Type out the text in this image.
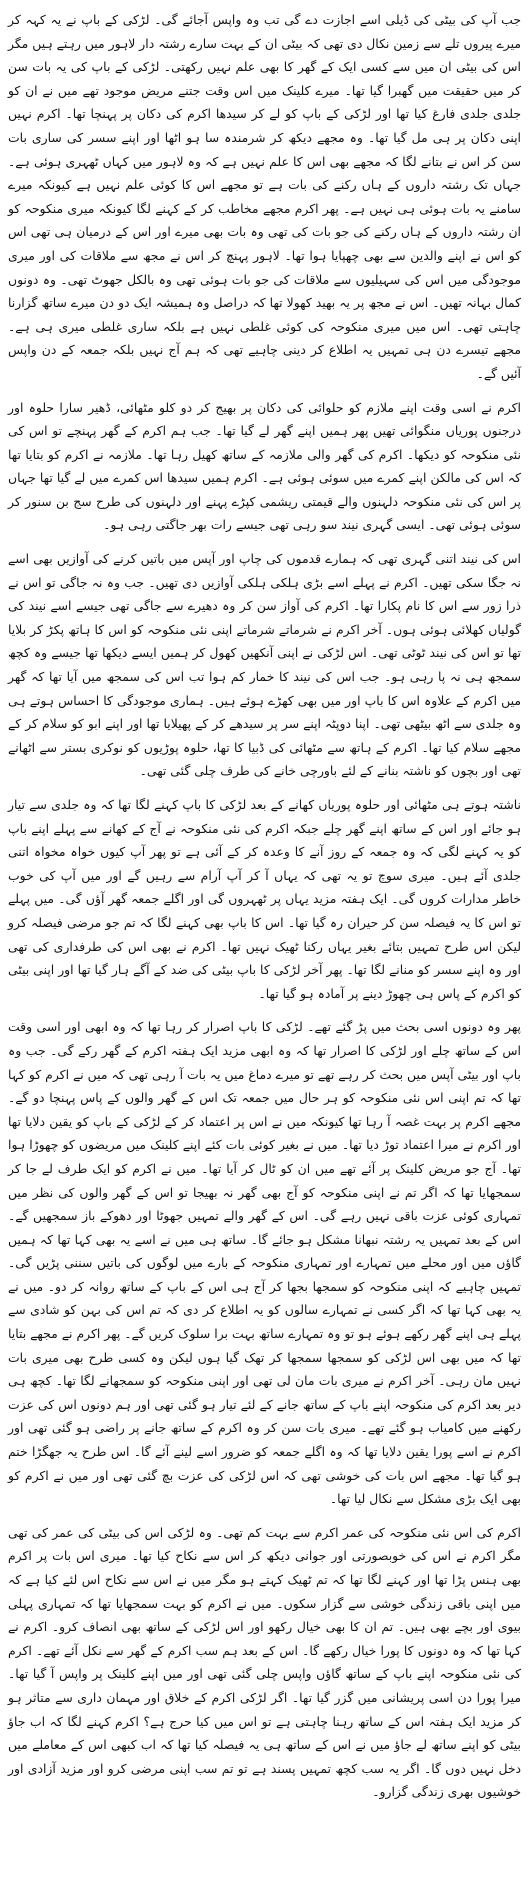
جب آپ کی بیٹی کی ڈیلی اسے اجازت دے گی تب وہ واپس آجائے گی۔ لڑکی کے باپ نے یہ کہہ کر میرے پیروں تلے سے زمین نکال دی تھی کہ بیٹی ان کے بہت سارے رشتہ دار لاہور میں رہتے ہیں مگر اس کی بیٹی ان میں سے کسی ایک کے گھر کا بھی علم نہیں رکھتی۔ لڑکی کے باپ کی یہ بات سن کر میں حقیقت میں گھبرا گیا تھا۔ میرے کلینک میں اس وقت جتنے مریض موجود تھے میں نے ان کو جلدی جلدی فارغ کیا تھا اور لڑکی کے باپ کو لے کر سیدھا اکرم کی دکان پر پہنچا تھا۔ اکرم نہیں اپنی دکان پر ہی مل گیا تھا۔ وہ مجھے دیکھ کر شرمندہ سا ہو اٹھا اور اپنے سسر کی ساری بات سن کر اس نے بتانے لگا کہ مجھے بھی اس کا علم نہیں ہے کہ وہ لاہور میں کہاں ٹھہری ہوئی ہے۔ جہاں تک رشتہ داروں کے ہاں رکنے کی بات ہے تو مجھے اس کا کوئی علم نہیں ہے کیونکہ میرے سامنے یہ بات ہوئی ہی نہیں ہے۔ پھر اکرم مجھے مخاطب کر کے کہنے لگا کیونکہ میری منکوحہ کو ان رشتہ داروں کے ہاں رکنے کی جو بات کی تھی وہ بات بھی میرے اور اس کے درمیان ہی تھی اس کو اس نے اپنے والدین سے بھی چھپایا ہوا تھا۔ لاہور پہنچ کر اس نے مجھ سے ملاقات کی اور میری موجودگی میں اس کی سہیلیوں سے ملاقات کی جو بات ہوئی تھی وہ بالکل جھوٹ تھی۔ وہ دونوں کمال بہانہ تھیں۔ اس نے مجھ پر یہ بھید کھولا تھا کہ دراصل وہ ہمیشہ ایک دو دن میرے ساتھ گزارنا چاہتی تھی۔ اس میں میری منکوحہ کی کوئی غلطی نہیں ہے بلکہ ساری غلطی میری ہی ہے۔ مجھے تیسرے دن ہی تمہیں یہ اطلاع کر دینی چاہیے تھی کہ ہم آج نہیں بلکہ جمعہ کے دن واپس آئیں گے۔

اکرم نے اسی وقت اپنے ملازم کو حلوائی کی دکان پر بھیج کر دو کلو مٹھائی، ڈھیر سارا حلوہ اور درجنوں پوریاں منگوائی تھیں پھر ہمیں اپنے گھر لے گیا تھا۔ جب ہم اکرم کے گھر پہنچے تو اس کی نئی منکوحہ کو دیکھا۔ اکرم کی گھر والی ملازمہ کے ساتھ کھیل رہا تھا۔ ملازمہ نے اکرم کو بتایا تھا کہ اس کی مالکن اپنے کمرے میں سوئی ہوئی ہے۔ اکرم ہمیں سیدھا اس کمرے میں لے گیا تھا جہاں پر اس کی نئی منکوحہ دلہنوں والے قیمتی ریشمی کپڑے پہنے اور دلہنوں کی طرح سج بن سنور کر سوئی ہوئی تھی۔ ایسی گہری نیند سو رہی تھی جیسے رات بھر جاگتی رہی ہو۔

اس کی نیند اتنی گہری تھی کہ ہمارے قدموں کی چاپ اور آپس میں باتیں کرنے کی آوازیں بھی اسے نہ جگا سکی تھیں۔ اکرم نے پہلے اسے بڑی ہلکی ہلکی آوازیں دی تھیں۔ جب وہ نہ جاگی تو اس نے ذرا زور سے اس کا نام پکارا تھا۔ اکرم کی آواز سن کر وہ دھیرے سے جاگی تھی جیسے اسے نیند کی گولیاں کھلائی ہوئی ہوں۔ آخر اکرم نے شرماتے شرماتے اپنی نئی منکوحہ کو اس کا ہاتھ پکڑ کر بلایا تھا تو اس کی نیند ٹوٹی تھی۔ اس لڑکی نے اپنی آنکھیں کھول کر ہمیں ایسے دیکھا تھا جیسے وہ کچھ سمجھ ہی نہ پا رہی ہو۔ جب اس کی نیند کا خمار کم ہوا تب اس کی سمجھ میں آیا تھا کہ گھر میں اکرم کے علاوہ اس کا باپ اور میں بھی کھڑے ہوئے ہیں۔ ہماری موجودگی کا احساس ہوتے ہی وہ جلدی سے اٹھ بیٹھی تھی۔ اپنا دوپٹہ اپنے سر پر سیدھے کر کے پھیلایا تھا اور اپنے ابو کو سلام کر کے مجھے سلام کیا تھا۔ اکرم کے ہاتھ سے مٹھائی کی ڈبیا کا تھا، حلوہ پوڑیوں کو نوکری بستر سے اٹھانے تھی اور بچوں کو ناشتہ بنانے کے لئے باورچی خانے کی طرف چلی گئی تھی۔

ناشتہ ہوتے ہی مٹھائی اور حلوہ پوریاں کھانے کے بعد لڑکی کا باپ کہنے لگا تھا کہ وہ جلدی سے تیار ہو جائے اور اس کے ساتھ اپنے گھر چلے جبکہ اکرم کی نئی منکوحہ نے آج کے کھانے سے پہلے اپنے باپ کو یہ کہنے لگی کہ وہ جمعہ کے روز آنے کا وعدہ کر کے آئی ہے تو پھر آپ کیوں خواہ مخواہ اتنی جلدی آئے ہیں۔ میری سوچ تو یہ تھی کہ یہاں آ کر آپ آرام سے رہیں گے اور میں آپ کی خوب خاطر مدارات کروں گی۔ ایک ہفتہ مزید یہاں پر ٹھہروں گی اور اگلے جمعہ گھر آؤں گی۔ میں پہلے تو اس کا یہ فیصلہ سن کر حیران رہ گیا تھا۔ اس کا باپ بھی کہنے لگا کہ تم جو مرضی فیصلہ کرو لیکن اس طرح تمہیں بتائے بغیر یہاں رکنا ٹھیک نہیں تھا۔ اکرم نے بھی اس کی طرفداری کی تھی اور وہ اپنے سسر کو منانے لگا تھا۔ پھر آخر لڑکی کا باپ بیٹی کی ضد کے آگے ہار گیا تھا اور اپنی بیٹی کو اکرم کے پاس ہی چھوڑ دینے پر آمادہ ہو گیا تھا۔

پھر وہ دونوں اسی بحث میں پڑ گئے تھے۔ لڑکی کا باپ اصرار کر رہا تھا کہ وہ ابھی اور اسی وقت اس کے ساتھ چلے اور لڑکی کا اصرار تھا کہ وہ ابھی مزید ایک ہفتہ اکرم کے گھر رکے گی۔ جب وہ باپ اور بیٹی آپس میں بحث کر رہے تھے تو میرے دماغ میں یہ بات آ رہی تھی کہ میں نے اکرم کو کہا تھا کہ تم اپنی اس نئی منکوحہ کو ہر حال میں جمعہ تک اس کے گھر والوں کے پاس پہنچا دو گے۔ مجھے اکرم پر بہت غصہ آ رہا تھا کیونکہ میں نے اس پر اعتماد کر کے لڑکی کے باپ کو یقین دلایا تھا اور اکرم نے میرا اعتماد توڑ دیا تھا۔ میں نے بغیر کوئی بات کئے اپنے کلینک میں مریضوں کو چھوڑا ہوا تھا۔ آج جو مریض کلینک پر آئے تھے میں ان کو ٹال کر آیا تھا۔ میں نے اکرم کو ایک طرف لے جا کر سمجھایا تھا کہ اگر تم نے اپنی منکوحہ کو آج بھی گھر نہ بھیجا تو اس کے گھر والوں کی نظر میں تمہاری کوئی عزت باقی نہیں رہے گی۔ اس کے گھر والے تمہیں جھوٹا اور دھوکے باز سمجھیں گے۔ اس کے بعد تمہیں یہ رشتہ نبھانا مشکل ہو جائے گا۔ ساتھ ہی میں نے اسے یہ بھی کہا تھا کہ ہمیں گاؤں میں اور محلے میں تمہارے اور تمہاری منکوحہ کے بارے میں لوگوں کی باتیں سننی پڑیں گی۔ تمہیں چاہیے کہ اپنی منکوحہ کو سمجھا بجھا کر آج ہی اس کے باپ کے ساتھ روانہ کر دو۔ میں نے یہ بھی کہا تھا کہ اگر کسی نے تمہارے سالوں کو یہ اطلاع کر دی کہ تم اس کی بہن کو شادی سے پہلے ہی اپنے گھر رکھے ہوئے ہو تو وہ تمہارے ساتھ بہت برا سلوک کریں گے۔ پھر اکرم نے مجھے بتایا تھا کہ میں بھی اس لڑکی کو سمجھا سمجھا کر تھک گیا ہوں لیکن وہ کسی طرح بھی میری بات نہیں مان رہی۔ آخر اکرم نے میری بات مان لی تھی اور اپنی منکوحہ کو سمجھانے لگا تھا۔ کچھ ہی دیر بعد اکرم کی منکوحہ اپنے باپ کے ساتھ جانے کے لئے تیار ہو گئی تھی اور ہم دونوں اس کی عزت رکھنے میں کامیاب ہو گئے تھے۔ میری بات سن کر وہ اکرم کے ساتھ جانے پر راضی ہو گئی تھی اور اکرم نے اسے پورا یقین دلایا تھا کہ وہ اگلے جمعہ کو ضرور اسے لینے آئے گا۔ اس طرح یہ جھگڑا ختم ہو گیا تھا۔ مجھے اس بات کی خوشی تھی کہ اس لڑکی کی عزت بچ گئی تھی اور میں نے اکرم کو بھی ایک بڑی مشکل سے نکال لیا تھا۔

اکرم کی اس نئی منکوحہ کی عمر اکرم سے بہت کم تھی۔ وہ لڑکی اس کی بیٹی کی عمر کی تھی مگر اکرم نے اس کی خوبصورتی اور جوانی دیکھ کر اس سے نکاح کیا تھا۔ میری اس بات پر اکرم بھی ہنس پڑا تھا اور کہنے لگا تھا کہ تم ٹھیک کہتے ہو مگر میں نے اس سے نکاح اس لئے کیا ہے کہ میں اپنی باقی زندگی خوشی سے گزار سکوں۔ میں نے اکرم کو بہت سمجھایا تھا کہ تمہاری پہلی بیوی اور بچے بھی ہیں۔ تم ان کا بھی خیال رکھو اور اس لڑکی کے ساتھ بھی انصاف کرو۔ اکرم نے کہا تھا کہ وہ دونوں کا پورا خیال رکھے گا۔ اس کے بعد ہم سب اکرم کے گھر سے نکل آئے تھے۔ اکرم کی نئی منکوحہ اپنے باپ کے ساتھ گاؤں واپس چلی گئی تھی اور میں اپنے کلینک پر واپس آ گیا تھا۔ میرا پورا دن اسی پریشانی میں گزر گیا تھا۔ اگر لڑکی اکرم کے خلاق اور مہمان داری سے متاثر ہو کر مزید ایک ہفتہ اس کے ساتھ رہنا چاہتی ہے تو اس میں کیا حرج ہے؟ اکرم کہنے لگا کہ اب جاؤ بیٹی کو اپنے ساتھ لے جاؤ میں نے اس کے ساتھ ہی یہ فیصلہ کیا تھا کہ اب کبھی اس کے معاملے میں دخل نہیں دوں گا۔ اگر یہ سب کچھ تمہیں پسند ہے تو تم سب اپنی مرضی کرو اور مزید آزادی اور خوشیوں بھری زندگی گزارو۔
